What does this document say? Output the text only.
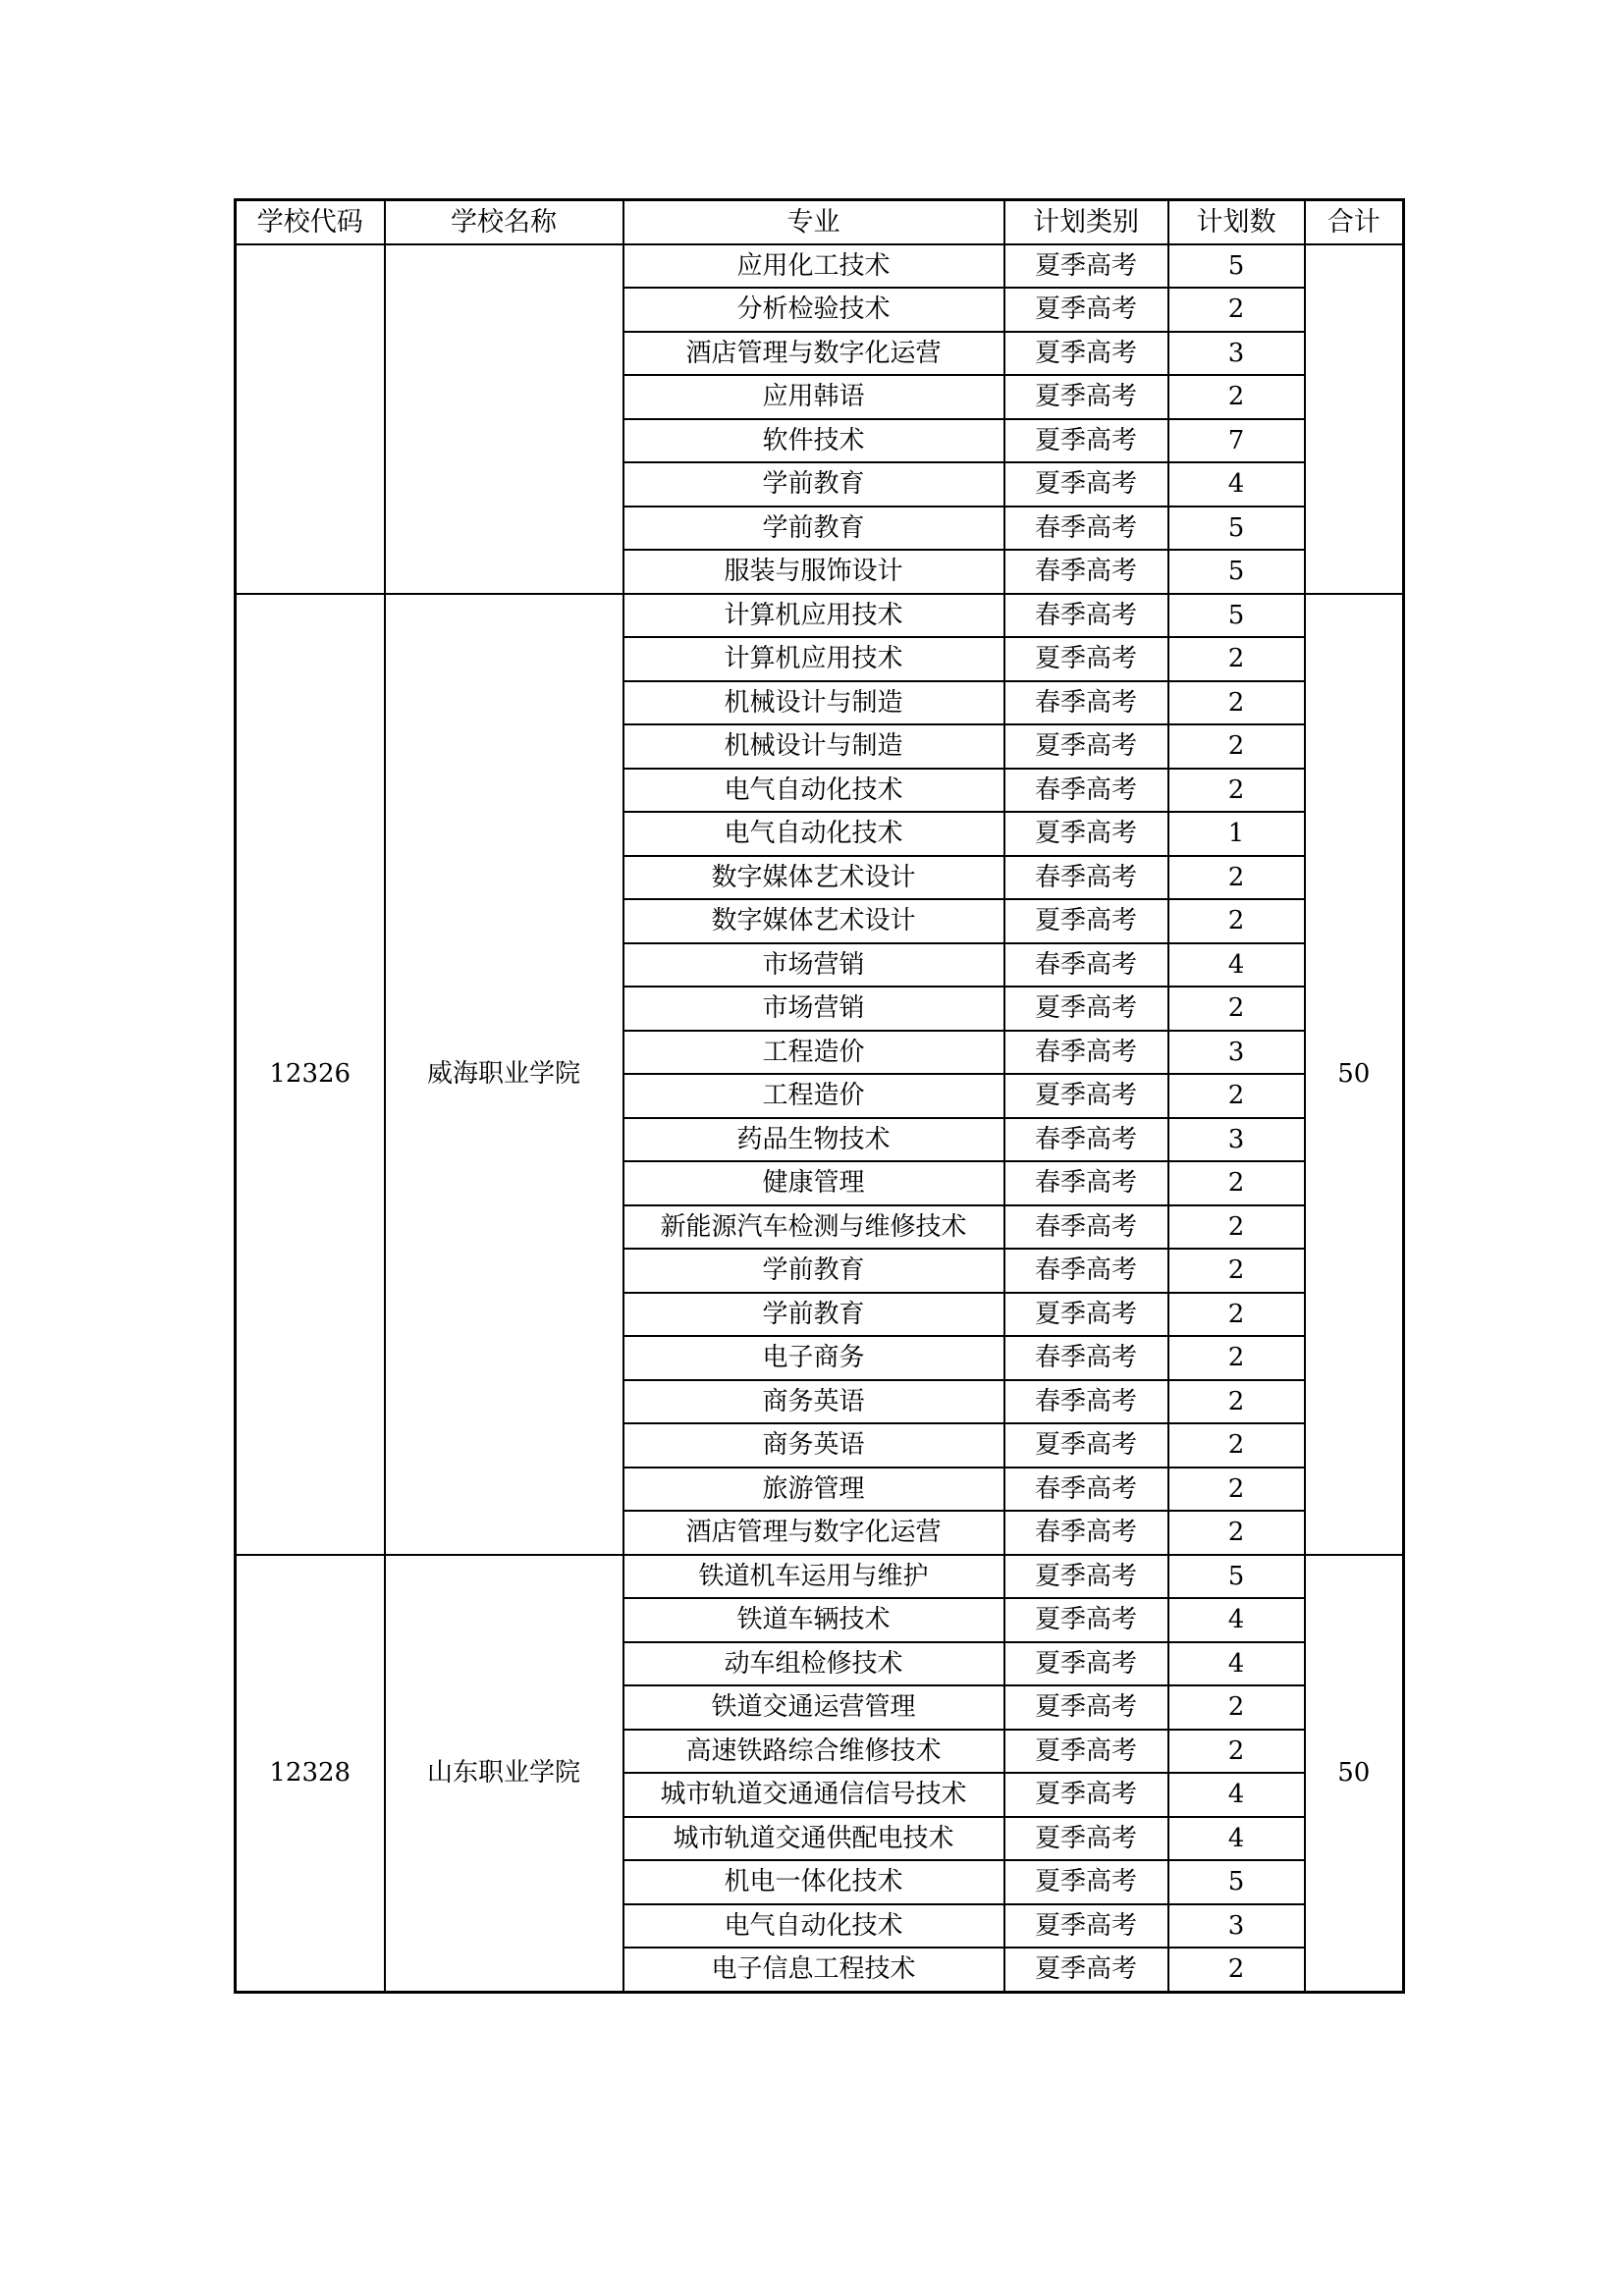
学校代码	学校名称	专业	计划类别	计划数	合计
		应用化工技术	夏季高考	5	
		分析检验技术	夏季高考	2	
		酒店管理与数字化运营	夏季高考	3	
		应用韩语	夏季高考	2	
		软件技术	夏季高考	7	
		学前教育	夏季高考	4	
		学前教育	春季高考	5	
		服装与服饰设计	春季高考	5	
12326	威海职业学院	计算机应用技术	春季高考	5	50
		计算机应用技术	夏季高考	2	
		机械设计与制造	春季高考	2	
		机械设计与制造	夏季高考	2	
		电气自动化技术	春季高考	2	
		电气自动化技术	夏季高考	1	
		数字媒体艺术设计	春季高考	2	
		数字媒体艺术设计	夏季高考	2	
		市场营销	春季高考	4	
		市场营销	夏季高考	2	
		工程造价	春季高考	3	
		工程造价	夏季高考	2	
		药品生物技术	春季高考	3	
		健康管理	春季高考	2	
		新能源汽车检测与维修技术	春季高考	2	
		学前教育	春季高考	2	
		学前教育	夏季高考	2	
		电子商务	春季高考	2	
		商务英语	春季高考	2	
		商务英语	夏季高考	2	
		旅游管理	春季高考	2	
		酒店管理与数字化运营	春季高考	2	
12328	山东职业学院	铁道机车运用与维护	夏季高考	5	50
		铁道车辆技术	夏季高考	4	
		动车组检修技术	夏季高考	4	
		铁道交通运营管理	夏季高考	2	
		高速铁路综合维修技术	夏季高考	2	
		城市轨道交通通信信号技术	夏季高考	4	
		城市轨道交通供配电技术	夏季高考	4	
		机电一体化技术	夏季高考	5	
		电气自动化技术	夏季高考	3	
		电子信息工程技术	夏季高考	2	
